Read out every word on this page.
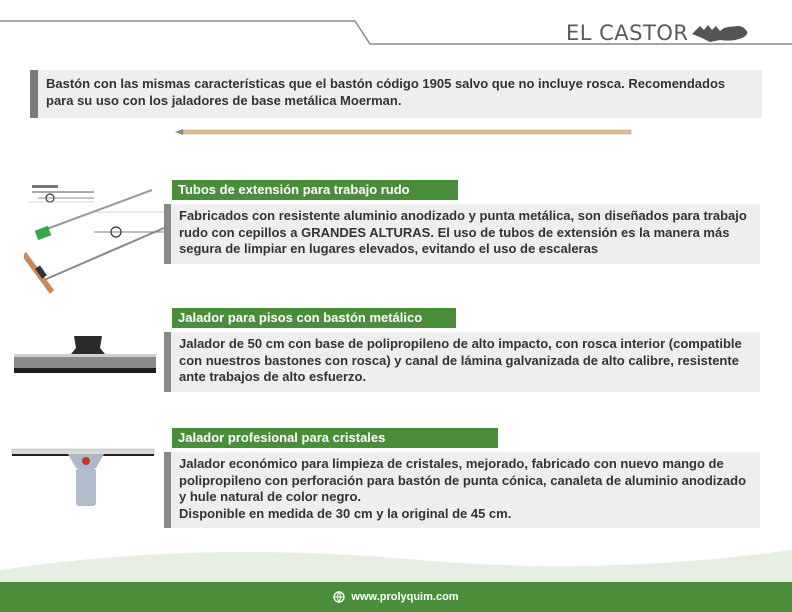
EL CASTOR
Bastón con las mismas características que el bastón código 1905 salvo que no incluye rosca. Recomendados para su uso con los jaladores de base metálica Moerman.
Tubos de extensión para trabajo rudo
Fabricados con resistente aluminio anodizado y punta metálica, son diseñados para trabajo rudo con cepillos a GRANDES ALTURAS. El uso de tubos de extensión es la manera más segura de limpiar en lugares elevados, evitando el uso de escaleras
Jalador para pisos con bastón metálico
Jalador de 50 cm con base de polipropileno de alto impacto, con rosca interior (compatible con nuestros bastones con rosca) y canal de lámina galvanizada de alto calibre, resistente ante trabajos de alto esfuerzo.
Jalador profesional para cristales
Jalador económico para limpieza de cristales, mejorado, fabricado con nuevo mango de polipropileno con perforación para bastón de punta cónica, canaleta de aluminio anodizado y hule natural de color negro.
Disponible en medida de 30 cm y la original de 45 cm.
www.prolyquim.com
